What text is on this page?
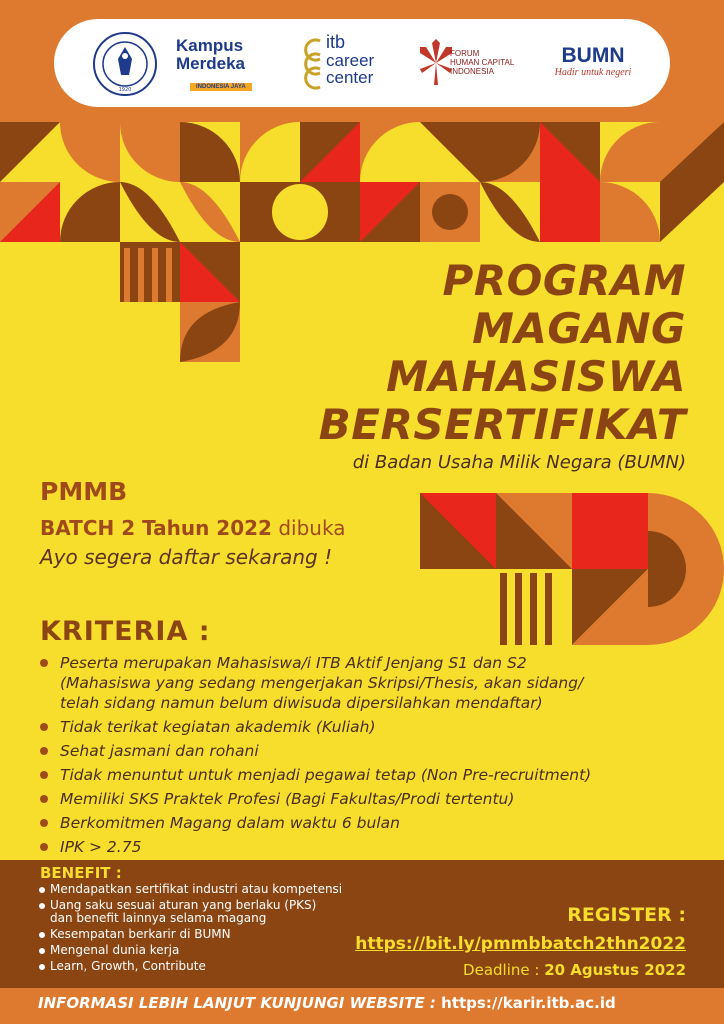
1920
Kampus
Merdeka
INDONESIA JAYA
itb
career
center
FORUM
HUMAN CAPITAL
INDONESIA
BUMN
Hadir untuk negeri
PROGRAM
MAGANG
MAHASISWA
BERSERTIFIKAT
di Badan Usaha Milik Negara (BUMN)
PMMB
BATCH 2 Tahun 2022 dibuka
Ayo segera daftar sekarang !
KRITERIA :
Peserta merupakan Mahasiswa/i ITB Aktif Jenjang S1 dan S2
(Mahasiswa yang sedang mengerjakan Skripsi/Thesis, akan sidang/
telah sidang namun belum diwisuda dipersilahkan mendaftar)
Tidak terikat kegiatan akademik (Kuliah)
Sehat jasmani dan rohani
Tidak menuntut untuk menjadi pegawai tetap (Non Pre-recruitment)
Memiliki SKS Praktek Profesi (Bagi Fakultas/Prodi tertentu)
Berkomitmen Magang dalam waktu 6 bulan
IPK > 2.75
BENEFIT :
Mendapatkan sertifikat industri atau kompetensi
Uang saku sesuai aturan yang berlaku (PKS)
dan benefit lainnya selama magang
Kesempatan berkarir di BUMN
Mengenal dunia kerja
Learn, Growth, Contribute
REGISTER :
https://bit.ly/pmmbbatch2thn2022
Deadline : 20 Agustus 2022
INFORMASI LEBIH LANJUT KUNJUNGI WEBSITE : https://karir.itb.ac.id
